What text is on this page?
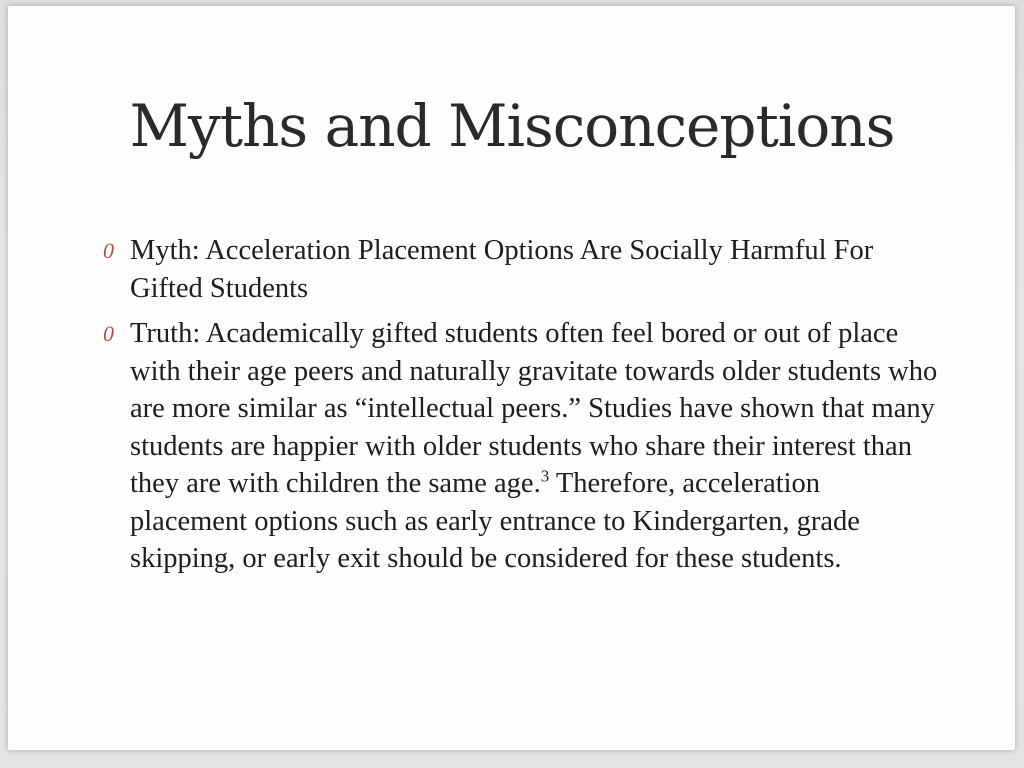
Myths and Misconceptions
0 Myth: Acceleration Placement Options Are Socially Harmful For Gifted Students
0 Truth: Academically gifted students often feel bored or out of place with their age peers and naturally gravitate towards older students who are more similar as “intellectual peers.” Studies have shown that many students are happier with older students who share their interest than they are with children the same age.$^3$ Therefore, acceleration placement options such as early entrance to Kindergarten, grade skipping, or early exit should be considered for these students.
